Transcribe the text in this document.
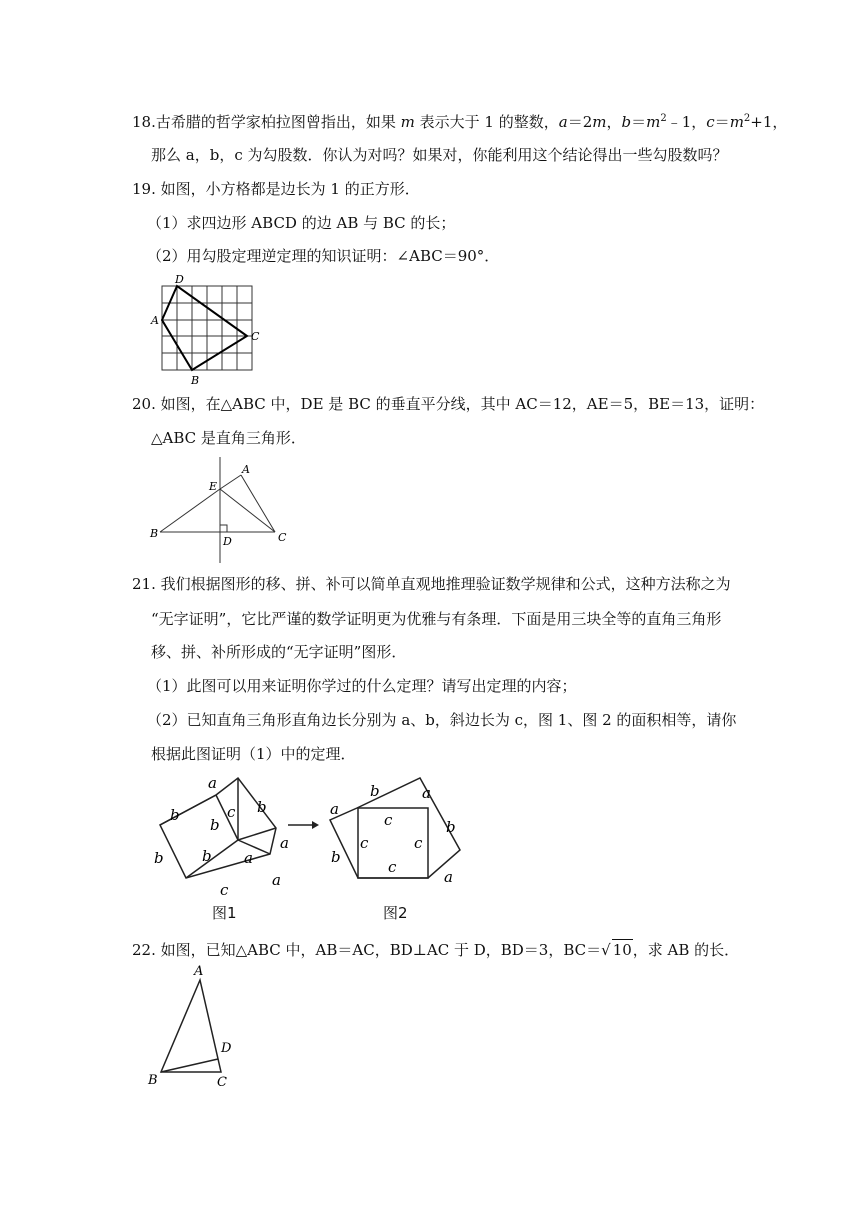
18.古希腊的哲学家柏拉图曾指出，如果 m 表示大于 1 的整数，a＝2m，$b=m^2﹣1$，$c=m^2+1$，
那么 a，b，c 为勾股数．你认为对吗？如果对，你能利用这个结论得出一些勾股数吗？
19. 如图，小方格都是边长为 1 的正方形．
（1）求四边形 ABCD 的边 AB 与 BC 的长；
（2）用勾股定理逆定理的知识证明：∠ABC＝90°．
D
A
C
B
20. 如图，在△ABC 中，DE 是 BC 的垂直平分线，其中 AC＝12，AE＝5，BE＝13，证明：
△ABC 是直角三角形．
A
E
B
D	C
21. 我们根据图形的移、拼、补可以简单直观地推理验证数学规律和公式，这种方法称之为
“无字证明”，它比严谨的数学证明更为优雅与有条理．下面是用三块全等的直角三角形
移、拼、补所形成的“无字证明”图形．
（1）此图可以用来证明你学过的什么定理？请写出定理的内容；
（2）已知直角三角形直角边长分别为 a、b，斜边长为 c，图 1、图 2 的面积相等，请你
根据此图证明（1）中的定理．
a
b	c
b
b
b	b a
a
c
a
b	a
a
c	b
c	c
b
c
a
图1	图2
22. 如图，已知△ABC 中，AB＝AC，BD⊥AC 于 D，BD＝3，BC＝√ 10，求 AB 的长．
A
D
B	C
